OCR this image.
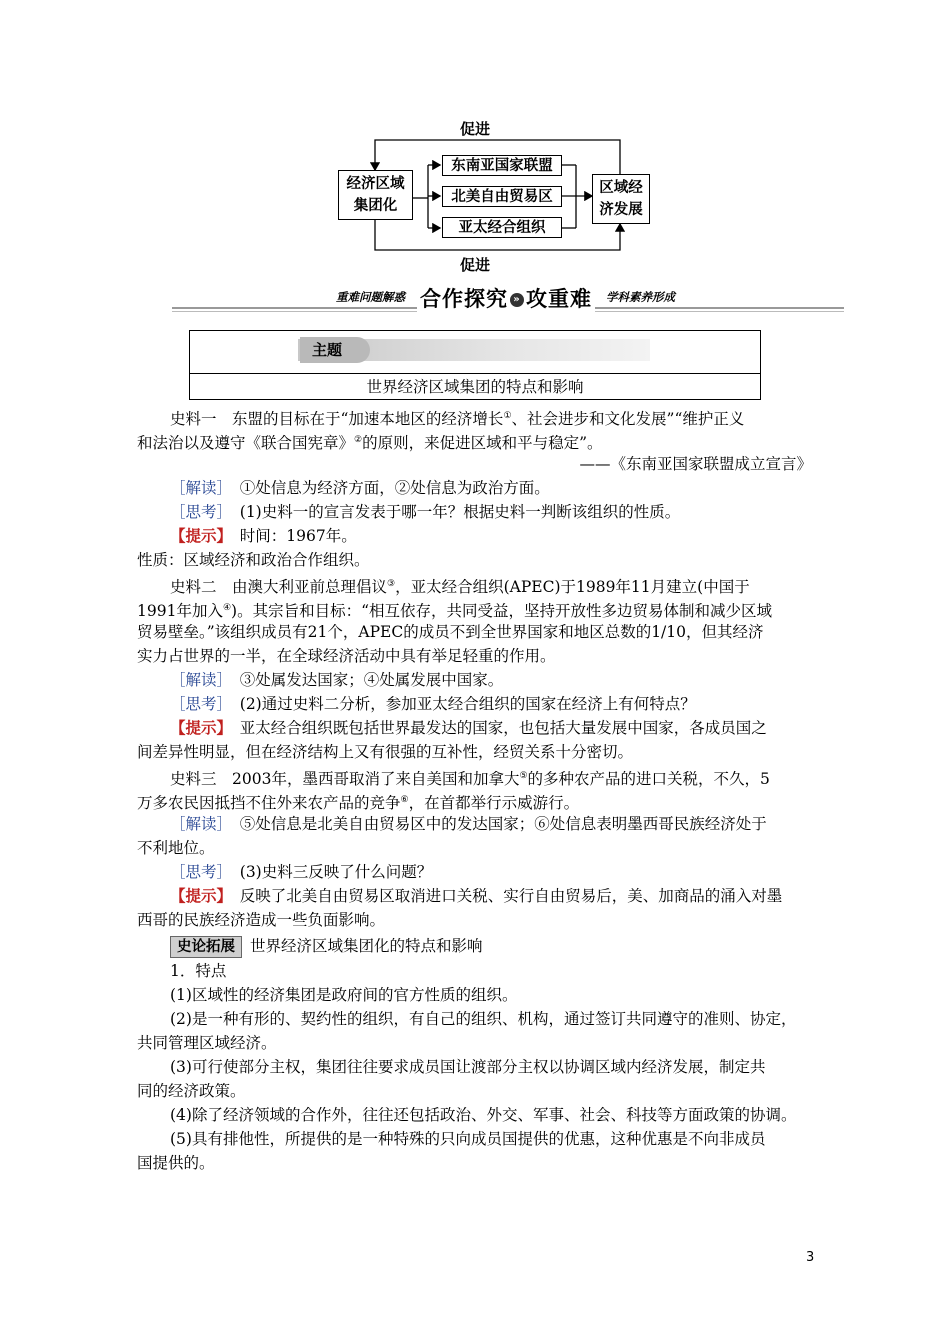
促进
促进
经济区域
集团化
区域经
济发展
东南亚国家联盟
北美自由贸易区
亚太经合组织
重难问题解惑 合作探究 » 攻重难 学科素养形成
主题
世界经济区域集团的特点和影响
史料一　东盟的目标在于“加速本地区的经济增长①、社会进步和文化发展”“维护正义
和法治以及遵守《联合国宪章》②的原则，来促进区域和平与稳定”。
——《东南亚国家联盟成立宣言》
［解读］　①处信息为经济方面，②处信息为政治方面。
［思考］　(1)史料一的宣言发表于哪一年？根据史料一判断该组织的性质。
【提示】　时间：1967年。
性质：区域经济和政治合作组织。
史料二　由澳大利亚前总理倡议③，亚太经合组织(APEC)于1989年11月建立(中国于
1991年加入④)。其宗旨和目标：“相互依存，共同受益，坚持开放性多边贸易体制和减少区域
贸易壁垒。”该组织成员有21个，APEC的成员不到全世界国家和地区总数的1/10，但其经济
实力占世界的一半，在全球经济活动中具有举足轻重的作用。
［解读］　③处属发达国家；④处属发展中国家。
［思考］　(2)通过史料二分析，参加亚太经合组织的国家在经济上有何特点？
【提示】　亚太经合组织既包括世界最发达的国家，也包括大量发展中国家，各成员国之
间差异性明显，但在经济结构上又有很强的互补性，经贸关系十分密切。
史料三　2003年，墨西哥取消了来自美国和加拿大⑤的多种农产品的进口关税，不久，5
万多农民因抵挡不住外来农产品的竞争⑥，在首都举行示威游行。
［解读］　⑤处信息是北美自由贸易区中的发达国家；⑥处信息表明墨西哥民族经济处于
不利地位。
［思考］　(3)史料三反映了什么问题？
【提示】　反映了北美自由贸易区取消进口关税、实行自由贸易后，美、加商品的涌入对墨
西哥的民族经济造成一些负面影响。
史论拓展 世界经济区域集团化的特点和影响
1．特点
(1)区域性的经济集团是政府间的官方性质的组织。
(2)是一种有形的、契约性的组织，有自己的组织、机构，通过签订共同遵守的准则、协定，
共同管理区域经济。
(3)可行使部分主权，集团往往要求成员国让渡部分主权以协调区域内经济发展，制定共
同的经济政策。
(4)除了经济领域的合作外，往往还包括政治、外交、军事、社会、科技等方面政策的协调。
(5)具有排他性，所提供的是一种特殊的只向成员国提供的优惠，这种优惠是不向非成员
国提供的。
3
